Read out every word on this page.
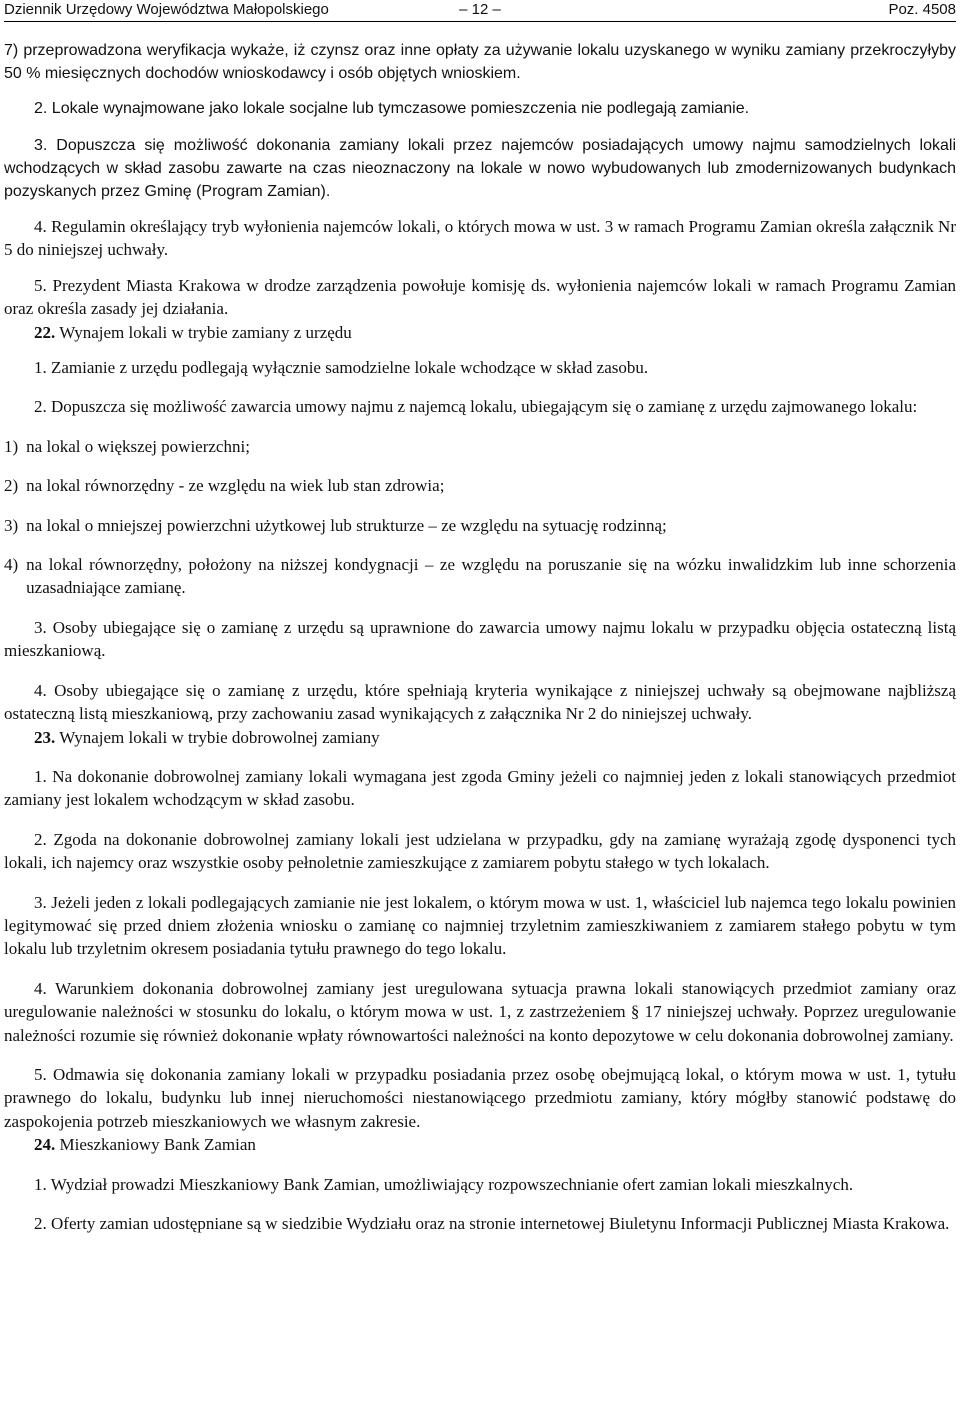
Dziennik Urzędowy Województwa Małopolskiego	– 12 –	Poz. 4508

7) przeprowadzona weryfikacja wykaże, iż czynsz oraz inne opłaty za używanie lokalu uzyskanego w wyniku zamiany przekroczyłyby 50 % miesięcznych dochodów wnioskodawcy i osób objętych wnioskiem.

2. Lokale wynajmowane jako lokale socjalne lub tymczasowe pomieszczenia nie podlegają zamianie.

3. Dopuszcza się możliwość dokonania zamiany lokali przez najemców posiadających umowy najmu samodzielnych lokali wchodzących w skład zasobu zawarte na czas nieoznaczony na lokale w nowo wybudowanych lub zmodernizowanych budynkach pozyskanych przez Gminę (Program Zamian).

4. Regulamin określający tryb wyłonienia najemców lokali, o których mowa w ust. 3 w ramach Programu Zamian określa załącznik Nr 5 do niniejszej uchwały.

5. Prezydent Miasta Krakowa w drodze zarządzenia powołuje komisję ds. wyłonienia najemców lokali w ramach Programu Zamian oraz określa zasady jej działania.

22. Wynajem lokali w trybie zamiany z urzędu

1. Zamianie z urzędu podlegają wyłącznie samodzielne lokale wchodzące w skład zasobu.

2. Dopuszcza się możliwość zawarcia umowy najmu z najemcą lokalu, ubiegającym się o zamianę z urzędu zajmowanego lokalu:

1) na lokal o większej powierzchni;
2) na lokal równorzędny - ze względu na wiek lub stan zdrowia;
3) na lokal o mniejszej powierzchni użytkowej lub strukturze – ze względu na sytuację rodzinną;
4) na lokal równorzędny, położony na niższej kondygnacji – ze względu na poruszanie się na wózku inwalidzkim lub inne schorzenia uzasadniające zamianę.

3. Osoby ubiegające się o zamianę z urzędu są uprawnione do zawarcia umowy najmu lokalu w przypadku objęcia ostateczną listą mieszkaniową.

4. Osoby ubiegające się o zamianę z urzędu, które spełniają kryteria wynikające z niniejszej uchwały są obejmowane najbliższą ostateczną listą mieszkaniową, przy zachowaniu zasad wynikających z załącznika Nr 2 do niniejszej uchwały.

23. Wynajem lokali w trybie dobrowolnej zamiany

1. Na dokonanie dobrowolnej zamiany lokali wymagana jest zgoda Gminy jeżeli co najmniej jeden z lokali stanowiących przedmiot zamiany jest lokalem wchodzącym w skład zasobu.

2. Zgoda na dokonanie dobrowolnej zamiany lokali jest udzielana w przypadku, gdy na zamianę wyrażają zgodę dysponenci tych lokali, ich najemcy oraz wszystkie osoby pełnoletnie zamieszkujące z zamiarem pobytu stałego w tych lokalach.

3. Jeżeli jeden z lokali podlegających zamianie nie jest lokalem, o którym mowa w ust. 1, właściciel lub najemca tego lokalu powinien legitymować się przed dniem złożenia wniosku o zamianę co najmniej trzyletnim zamieszkiwaniem z zamiarem stałego pobytu w tym lokalu lub trzyletnim okresem posiadania tytułu prawnego do tego lokalu.

4. Warunkiem dokonania dobrowolnej zamiany jest uregulowana sytuacja prawna lokali stanowiących przedmiot zamiany oraz uregulowanie należności w stosunku do lokalu, o którym mowa w ust. 1, z zastrzeżeniem § 17 niniejszej uchwały. Poprzez uregulowanie należności rozumie się również dokonanie wpłaty równowartości należności na konto depozytowe w celu dokonania dobrowolnej zamiany.

5. Odmawia się dokonania zamiany lokali w przypadku posiadania przez osobę obejmującą lokal, o którym mowa w ust. 1, tytułu prawnego do lokalu, budynku lub innej nieruchomości niestanowiącego przedmiotu zamiany, który mógłby stanowić podstawę do zaspokojenia potrzeb mieszkaniowych we własnym zakresie.

24. Mieszkaniowy Bank Zamian

1. Wydział prowadzi Mieszkaniowy Bank Zamian, umożliwiający rozpowszechnianie ofert zamian lokali mieszkalnych.

2. Oferty zamian udostępniane są w siedzibie Wydziału oraz na stronie internetowej Biuletynu Informacji Publicznej Miasta Krakowa.
